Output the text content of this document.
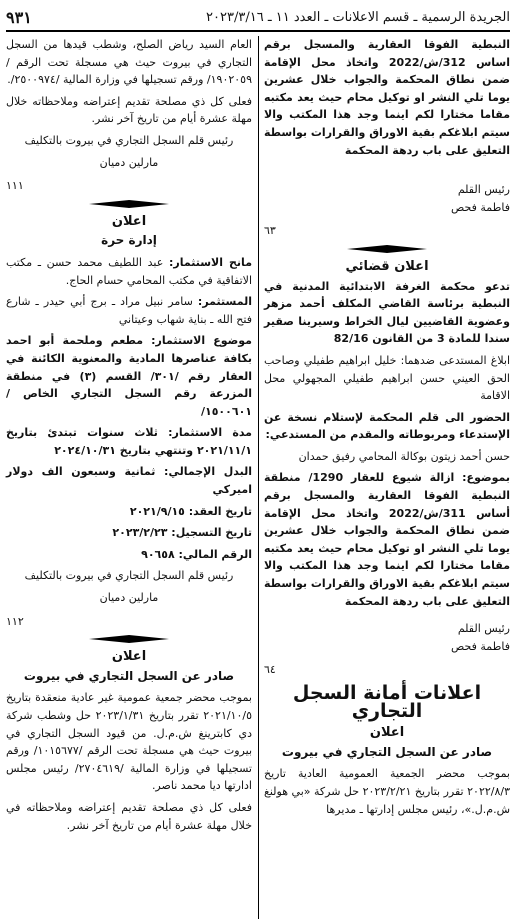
الجريدة الرسمية ـ قسم الاعلانات ـ العدد ١١ ـ ٢٠٢٣/٣/١٦
٩٣١

النبطية الفوقا العقارية والمسجل برقم اساس 312/ش/2022 واتخاذ محل الإقامة ضمن نطاق المحكمة والجواب خلال عشرين يوما تلي النشر او توكيل محام حيث يعد مكتبه مقاما مختارا لكم اينما وجد هذا المكتب والا سيتم ابلاغكم بقية الاوراق والقرارات بواسطة التعليق على باب ردهة المحكمة

رئيس القلم

فاطمة فحص

٦٣

اعلان قضائي

تدعو محكمة الغرفة الابتدائية المدنية في النبطية برئاسة القاضي المكلف أحمد مزهر وعضوية القاضيين ليال الخراط وسيرينا صقير سندا للمادة 3 من القانون 82/16

ابلاغ المستدعى ضدهما: خليل ابراهيم طفيلي وصاحب الحق العيني حسن ابراهيم طفيلي المجهولي محل الاقامة

الحضور الى قلم المحكمة لإستلام نسخة عن الإستدعاء ومربوطاته والمقدم من المستدعي:

حسن أحمد زيتون بوكالة المحامي رفيق حمدان

بموضوع: ازالة شيوع للعقار 1290/ منطقة النبطية الفوقا العقارية والمسجل برقم أساس 311/ش/2022 واتخاذ محل الإقامة ضمن نطاق المحكمة والجواب خلال عشرين يوما تلي النشر او توكيل محام حيث يعد مكتبه مقاما مختارا لكم اينما وجد هذا المكتب والا سيتم ابلاغكم بقية الاوراق والقرارات بواسطة التعليق على باب ردهة المحكمة

رئيس القلم

فاطمة فحص

٦٤

اعلانات أمانة السجل التجاري

اعلان

صادر عن السجل التجاري في بيروت

بموجب محضر الجمعية العمومية العادية تاريخ ٢٠٢٢/٨/٣ تقرر بتاريخ ٢٠٢٣/٢/٢١ حل شركة «بي هولنغ ش.م.ل.»، رئيس مجلس إدارتها ـ مديرها

العام السيد رياض الصلح، وشطب قيدها من السجل التجاري في بيروت حيث هي مسجلة تحت الرقم /١٩٠٢٠٥٩/ ورقم تسجيلها في وزارة المالية /٢٥٠٠٩٧٤/.

فعلى كل ذي مصلحة تقديم إعتراضه وملاحظاته خلال مهلة عشرة أيام من تاريخ آخر نشر.

رئيس قلم السجل التجاري في بيروت بالتكليف

مارلين دميان

١١١

اعلان

إدارة حرة

مانح الاستثمار: عبد اللطيف محمد حسن ـ مكتب الاتفاقية في مكتب المحامي حسام الحاج.

المستثمر: سامر نبيل مراد ـ برج أبي حيدر ـ شارع فتح الله ـ بناية شهاب وعيتاني

موضوع الاستثمار: مطعم وملحمة أبو احمد بكافة عناصرها المادية والمعنوية الكائنة في العقار رقم /٣٠١/ القسم (٣) في منطقة المزرعة رقم السجل التجاري الخاص /١٥٠٠٦٠١/

مدة الاستثمار: ثلاث سنوات تبتدئ بتاريخ ٢٠٢١/١١/١ وتنتهي بتاريخ ٢٠٢٤/١٠/٣١

البدل الإجمالي: ثمانية وسبعون الف دولار اميركي

تاريخ العقد: ٢٠٢١/٩/١٥

تاريخ التسجيل: ٢٠٢٣/٢/٢٣

الرقم المالي: ٩٠٦٥٨

رئيس قلم السجل التجاري في بيروت بالتكليف

مارلين دميان

١١٢

اعلان

صادر عن السجل التجاري في بيروت

بموجب محضر جمعية عمومية غير عادية منعقدة بتاريخ ٢٠٢١/١٠/٥ تقرر بتاريخ ٢٠٢٣/١/٣١ حل وشطب شركة دي كابترينغ ش.م.ل. من قيود السجل التجاري في بيروت حيث هي مسجلة تحت الرقم /١٠١٥٦٧٧/ ورقم تسجيلها في وزارة المالية /٢٧٠٤٦١٩/ رئيس مجلس ادارتها ديا محمد ناصر.

فعلى كل ذي مصلحة تقديم إعتراضه وملاحظاته في خلال مهلة عشرة أيام من تاريخ آخر نشر.
